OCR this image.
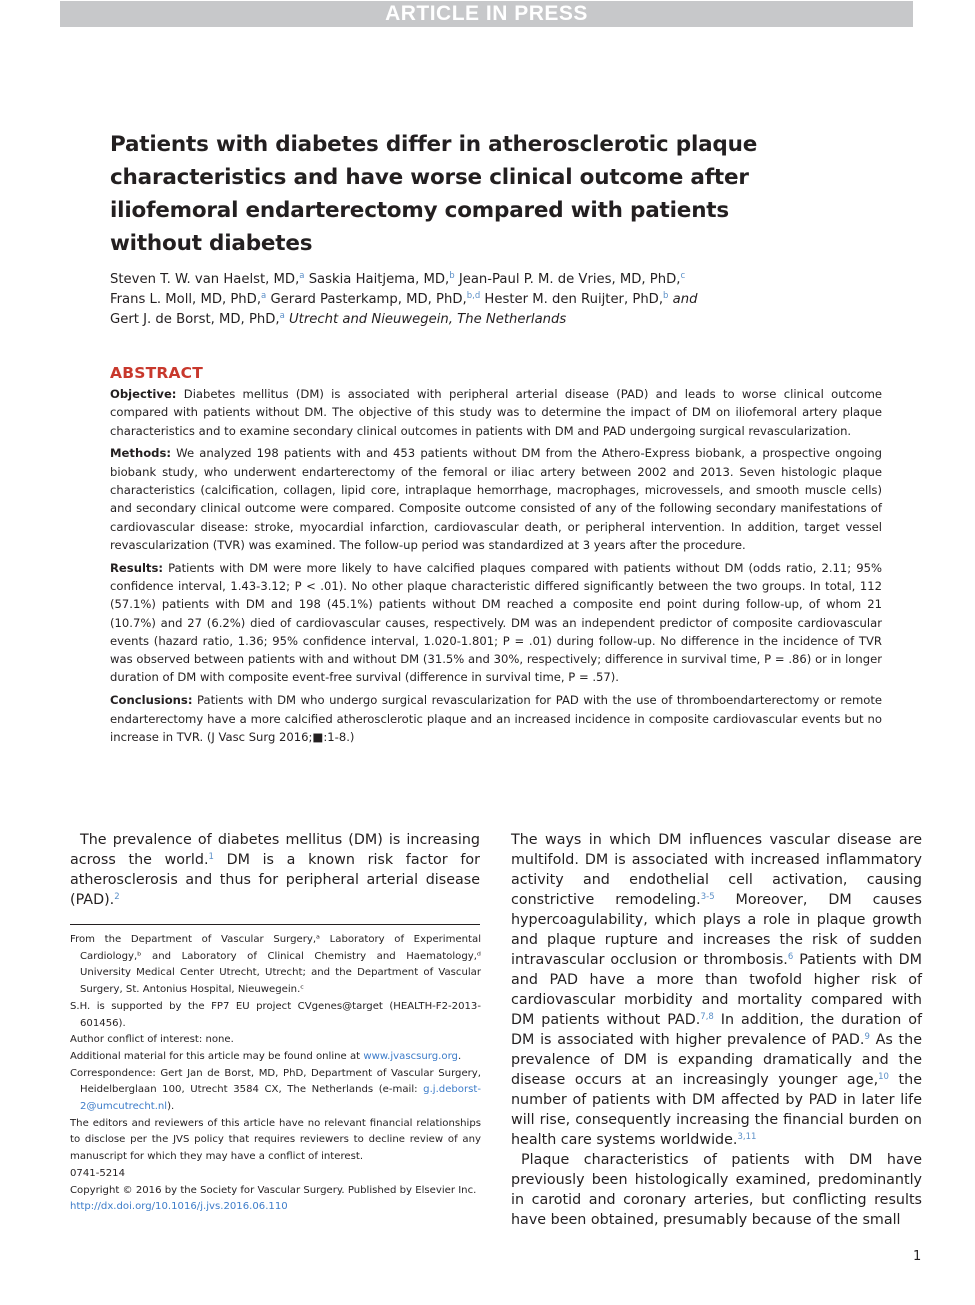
ARTICLE IN PRESS
Patients with diabetes differ in atherosclerotic plaque characteristics and have worse clinical outcome after iliofemoral endarterectomy compared with patients without diabetes
Steven T. W. van Haelst, MD,$^a$ Saskia Haitjema, MD,$^b$ Jean-Paul P. M. de Vries, MD, PhD,$^c$
Frans L. Moll, MD, PhD,$^a$ Gerard Pasterkamp, MD, PhD,$^{b,d}$ Hester M. den Ruijter, PhD,$^b$ and
Gert J. de Borst, MD, PhD,$^a$ Utrecht and Nieuwegein, The Netherlands
ABSTRACT

Objective: Diabetes mellitus (DM) is associated with peripheral arterial disease (PAD) and leads to worse clinical outcome compared with patients without DM. The objective of this study was to determine the impact of DM on iliofemoral artery plaque characteristics and to examine secondary clinical outcomes in patients with DM and PAD undergoing surgical revascularization.

Methods: We analyzed 198 patients with and 453 patients without DM from the Athero-Express biobank, a prospective ongoing biobank study, who underwent endarterectomy of the femoral or iliac artery between 2002 and 2013. Seven histologic plaque characteristics (calcification, collagen, lipid core, intraplaque hemorrhage, macrophages, microvessels, and smooth muscle cells) and secondary clinical outcome were compared. Composite outcome consisted of any of the following secondary manifestations of cardiovascular disease: stroke, myocardial infarction, cardiovascular death, or peripheral intervention. In addition, target vessel revascularization (TVR) was examined. The follow-up period was standardized at 3 years after the procedure.

Results: Patients with DM were more likely to have calcified plaques compared with patients without DM (odds ratio, 2.11; 95% confidence interval, 1.43-3.12; P < .01). No other plaque characteristic differed significantly between the two groups. In total, 112 (57.1%) patients with DM and 198 (45.1%) patients without DM reached a composite end point during follow-up, of whom 21 (10.7%) and 27 (6.2%) died of cardiovascular causes, respectively. DM was an independent predictor of composite cardiovascular events (hazard ratio, 1.36; 95% confidence interval, 1.020-1.801; P = .01) during follow-up. No difference in the incidence of TVR was observed between patients with and without DM (31.5% and 30%, respectively; difference in survival time, P = .86) or in longer duration of DM with composite event-free survival (difference in survival time, P = .57).

Conclusions: Patients with DM who undergo surgical revascularization for PAD with the use of thromboendarterectomy or remote endarterectomy have a more calcified atherosclerotic plaque and an increased incidence in composite cardiovascular events but no increase in TVR. (J Vasc Surg 2016;■:1-8.)

The prevalence of diabetes mellitus (DM) is increasing across the world.$^1$ DM is a known risk factor for atherosclerosis and thus for peripheral arterial disease (PAD).$^2$

From the Department of Vascular Surgery,ᵃ Laboratory of Experimental Cardiology,ᵇ and Laboratory of Clinical Chemistry and Haematology,ᵈ University Medical Center Utrecht, Utrecht; and the Department of Vascular Surgery, St. Antonius Hospital, Nieuwegein.ᶜ

S.H. is supported by the FP7 EU project CVgenes@target (HEALTH-F2-2013-601456).

Author conflict of interest: none.

Additional material for this article may be found online at www.jvascsurg.org.

Correspondence: Gert Jan de Borst, MD, PhD, Department of Vascular Surgery, Heidelberglaan 100, Utrecht 3584 CX, The Netherlands (e-mail: g.j.deborst-2@umcutrecht.nl).

The editors and reviewers of this article have no relevant financial relationships to disclose per the JVS policy that requires reviewers to decline review of any manuscript for which they may have a conflict of interest.

0741-5214

Copyright © 2016 by the Society for Vascular Surgery. Published by Elsevier Inc.

http://dx.doi.org/10.1016/j.jvs.2016.06.110

The ways in which DM influences vascular disease are multifold. DM is associated with increased inflammatory activity and endothelial cell activation, causing constrictive remodeling.$^{3-5}$ Moreover, DM causes hypercoagulability, which plays a role in plaque growth and plaque rupture and increases the risk of sudden intravascular occlusion or thrombosis.$^6$ Patients with DM and PAD have a more than twofold higher risk of cardiovascular morbidity and mortality compared with DM patients without PAD.$^{7,8}$ In addition, the duration of DM is associated with higher prevalence of PAD.$^9$ As the prevalence of DM is expanding dramatically and the disease occurs at an increasingly younger age,$^{10}$ the number of patients with DM affected by PAD in later life will rise, consequently increasing the financial burden on health care systems worldwide.$^{3,11}$

Plaque characteristics of patients with DM have previously been histologically examined, predominantly in carotid and coronary arteries, but conflicting results have been obtained, presumably because of the small

1
